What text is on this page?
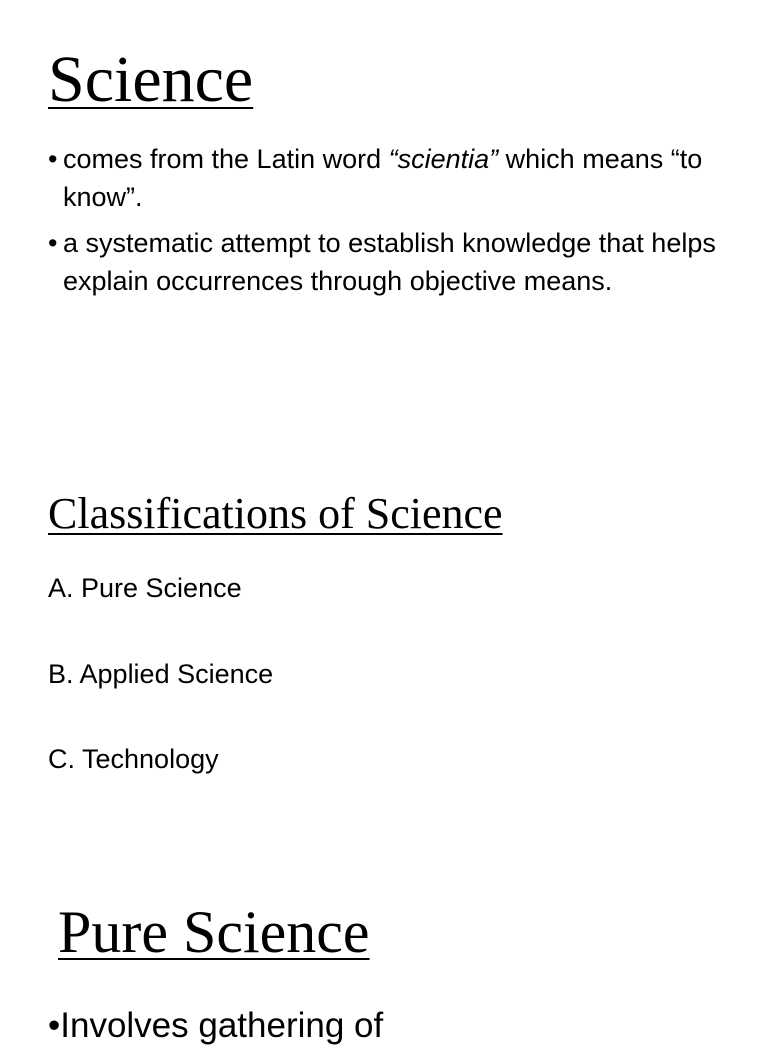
Science
• comes from the Latin word “scientia” which means “to know”.
• a systematic attempt to establish knowledge that helps explain occurrences through objective means.
Classifications of Science
A. Pure Science
B. Applied Science
C. Technology
Pure Science
•Involves gathering of
